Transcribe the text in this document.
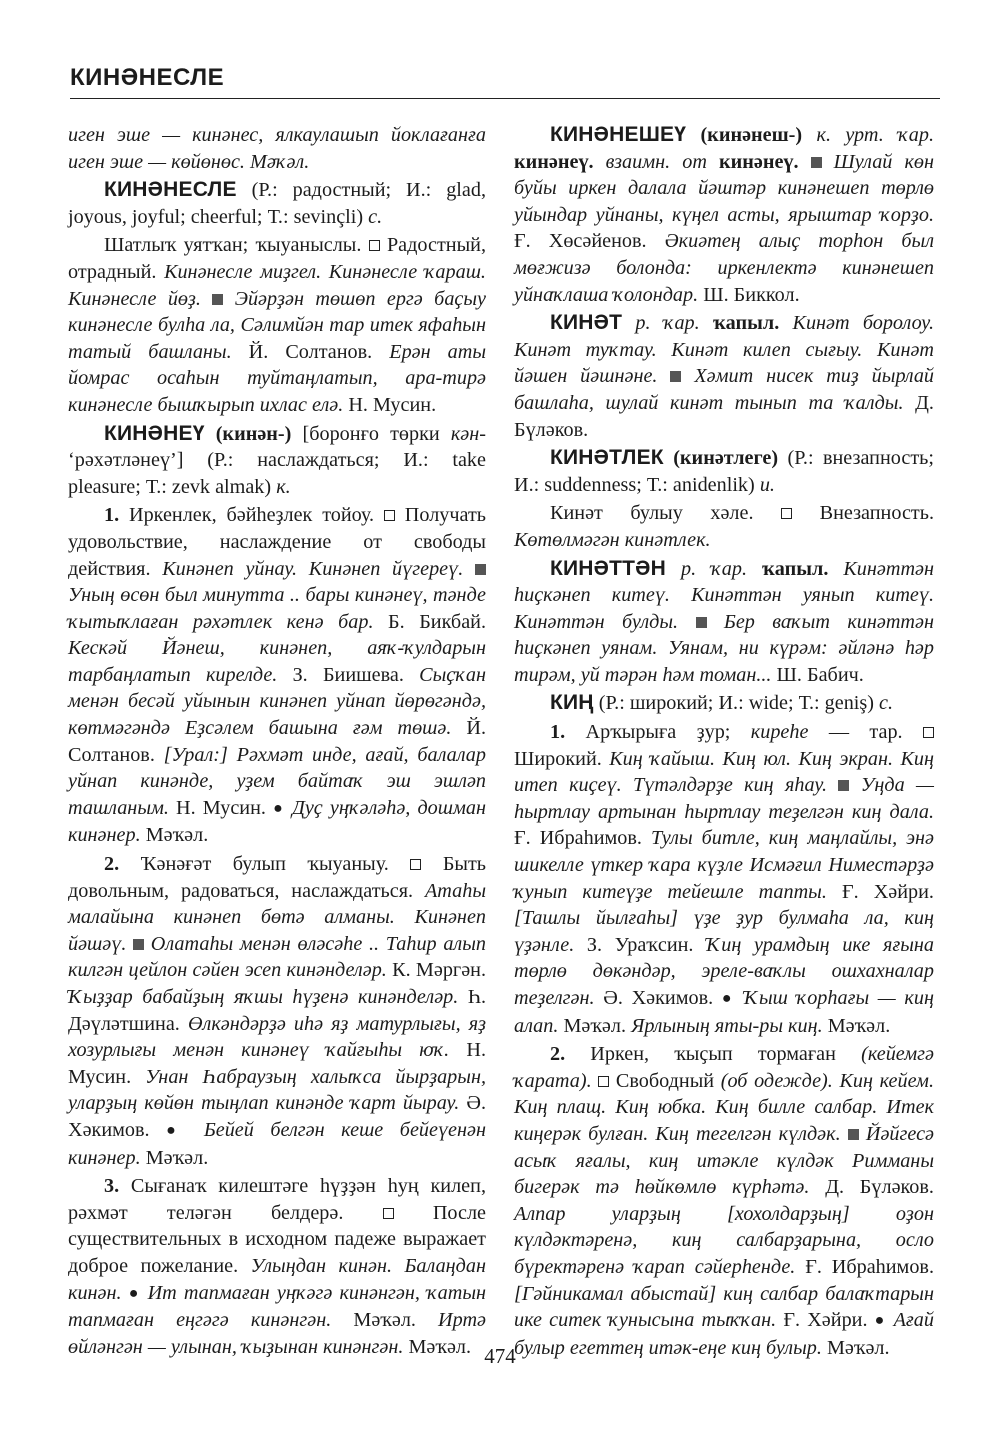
КИНӘНЕСЛЕ

иген эше — кинәнес, ялкаулашып йоклағанға иген эше — көйөнөс. Мәҡәл.

КИНӘНЕСЛЕ (Р.: радостный; И.: glad, joyous, joyful; cheerful; Т.: sevinçli) с.

Шатлыҡ уятҡан; ҡыуаныслы.  Радостный, отрадный. Кинәнесле миҙгел. Кинәнесле ҡараш. Кинәнесле йөҙ.  Эйәрҙән төшөп ергә баҫыу кинәнесле булһа ла, Сәлимйән тар итек яфаһын татый башланы. Й. Солтанов. Ерән аты йомрас осаһын туйтаңлатып, ара-тирә кинәнесле бышҡырып ихлас елә. Н. Мусин.

КИНӘНЕҮ (кинән-) [боронғо төрки кән- ‘рәхәтләнеү’] (Р.: наслаждаться; И.: take pleasure; Т.: zevk almak) к.

1. Иркенлек, бәйһеҙлек тойоу.  Получать удовольствие, наслаждение от свободы действия. Кинәнеп уйнау. Кинәнеп йүгереү.  Уның өсөн был минутта .. бары кинәнеү, тәнде ҡытыҡлаған рәхәтлек кенә бар. Б. Бикбай. Кескәй Йәнеш, кинәнеп, аяҡ-ҡулдарын тарбаңлатып кирелде. З. Биишева. Сыҫҡан менән бесәй уйынын кинәнеп уйнап йөрөгәндә, көтмәгәндә Еҙсәлем башына ғәм төшә. Й. Солтанов. [Урал:] Рәхмәт инде, ағай, балалар уйнап кинәнде, уҙем байтаҡ эш эшләп ташланым. Н. Мусин. ● Дуҫ уңҡәләһә, дошман кинәнер. Мәҡәл.

2. Ҡәнәғәт булып ҡыуаныу.  Быть довольным, радоваться, наслаждаться. Атаһы малайына кинәнеп бөтә алманы. Кинәнеп йәшәү.  Олатаһы менән өләсәһе .. Таһир алып килгән цейлон сәйен эсеп кинәнделәр. К. Мәргән. Ҡыҙҙар бабайҙың яҡшы һүҙенә кинәнделәр. Һ. Дәүләтшина. Өлкәндәрҙә иһә яҙ матурлығы, яҙ хозурлығы менән кинәнеү ҡайғыһы юҡ. Н. Мусин. Унан Һабраузың халыҡса йырҙарын, уларҙың көйөн тыңлап кинәнде ҡарт йырау. Ә. Хәкимов. ● Бейей белгән кеше бейеүенән кинәнер. Мәҡәл.

3. Сығанаҡ килештәге һүҙҙән һуң килеп, рәхмәт теләгән белдерә.  После существительных в исходном падеже выражает доброе пожелание. Улыңдан кинән. Балаңдан кинән. ● Ит тапмаған уңҡәгә кинәнгән, ҡатын тапмаған еңгәгә кинәнгән. Мәҡәл. Иртә өйләнгән — улынан, ҡыҙынан кинәнгән. Мәҡәл.

КИНӘНЕШЕҮ (кинәнеш-) к. урт. ҡар. кинәнеү. взаимн. от кинәнеү.  Шулай көн буйы иркен далала йәштәр кинәнешеп төрлө уйындар уйнаны, күңел асты, ярыштар ҡорҙо. Ғ. Хөсәйенов. Әкиәтең алыҫ торһон был мөғжизә болонда: иркенлектә кинәнешеп уйнаҡлаша ҡолондар. Ш. Биккол.

КИНӘТ р. ҡар. ҡапыл. Кинәт боролоу. Кинәт туҡтау. Кинәт килеп сығыу. Кинәт йәшен йәшнәне.  Хәмит нисек тиҙ йырлай башлаһа, шулай кинәт тынып та ҡалды. Д. Бүләков.

КИНӘТЛЕК (кинәтлеге) (Р.: внезапность; И.: suddenness; Т.: anidenlik) и.

Кинәт булыу хәле.  Внезапность. Көтөлмәгән кинәтлек.

КИНӘТТӘН р. ҡар. ҡапыл. Кинәттән һиҫкәнеп китеү. Кинәттән уянып китеү. Кинәттән булды.  Бер ваҡыт кинәттән һиҫкәнеп уянам. Уянам, ни күрәм: әйләнә һәр тирәм, уй тәрән һәм томан... Ш. Бабич.

КИҢ (Р.: широкий; И.: wide; Т.: geniş) с.

1. Арҡырыға ҙур; киреһе — тар.  Широкий. Киң ҡайыш. Киң юл. Киң экран. Киң итеп киҫеү. Түтәлдәрҙе киң яһау.  Уңда — һыртлау артынан һыртлау теҙелгән киң дала. Ғ. Ибраһимов. Тулы битле, киң маңлайлы, энә шикелле үткер ҡара күҙле Исмәғил Ниместәрҙә ҡунып китеүҙе тейешле тапты. Ғ. Хәйри. [Ташлы йылғаһы] үҙе ҙур булмаһа ла, киң үҙәнле. З. Ураҡсин. Ҡиң урамдың ике яғына төрлө дөкәндәр, эреле-ваҡлы ошхахналар теҙелгән. Ә. Хәкимов. ● Ҡыш ҡорһағы — киң алап. Мәҡәл. Ярлының яты-ры киң. Мәҡәл.

2. Иркен, ҡыҫып тормаған (кейемгә ҡарата).  Свободный (об одежде). Киң кейем. Киң плащ. Киң юбка. Киң билле салбар. Итек киңерәк булған. Киң тегелгән күлдәк.  Йәйгесә асыҡ яғалы, киң итәкле күлдәк Римманы бигерәк тә һөйкөмлө күрһәтә. Д. Бүләков. Алпар уларҙың [хохолдарҙың] оҙон күлдәктәренә, киң салбарҙарына, осло бүректәренә ҡарап сәйерһенде. Ғ. Ибраһимов. [Гәйникамал абыстай] киң салбар балаҡтарын ике ситек ҡунысына тыҡҡан. Ғ. Хәйри. ● Ағай булыр егеттең итәк-еңе киң булыр. Мәҡәл.

474
